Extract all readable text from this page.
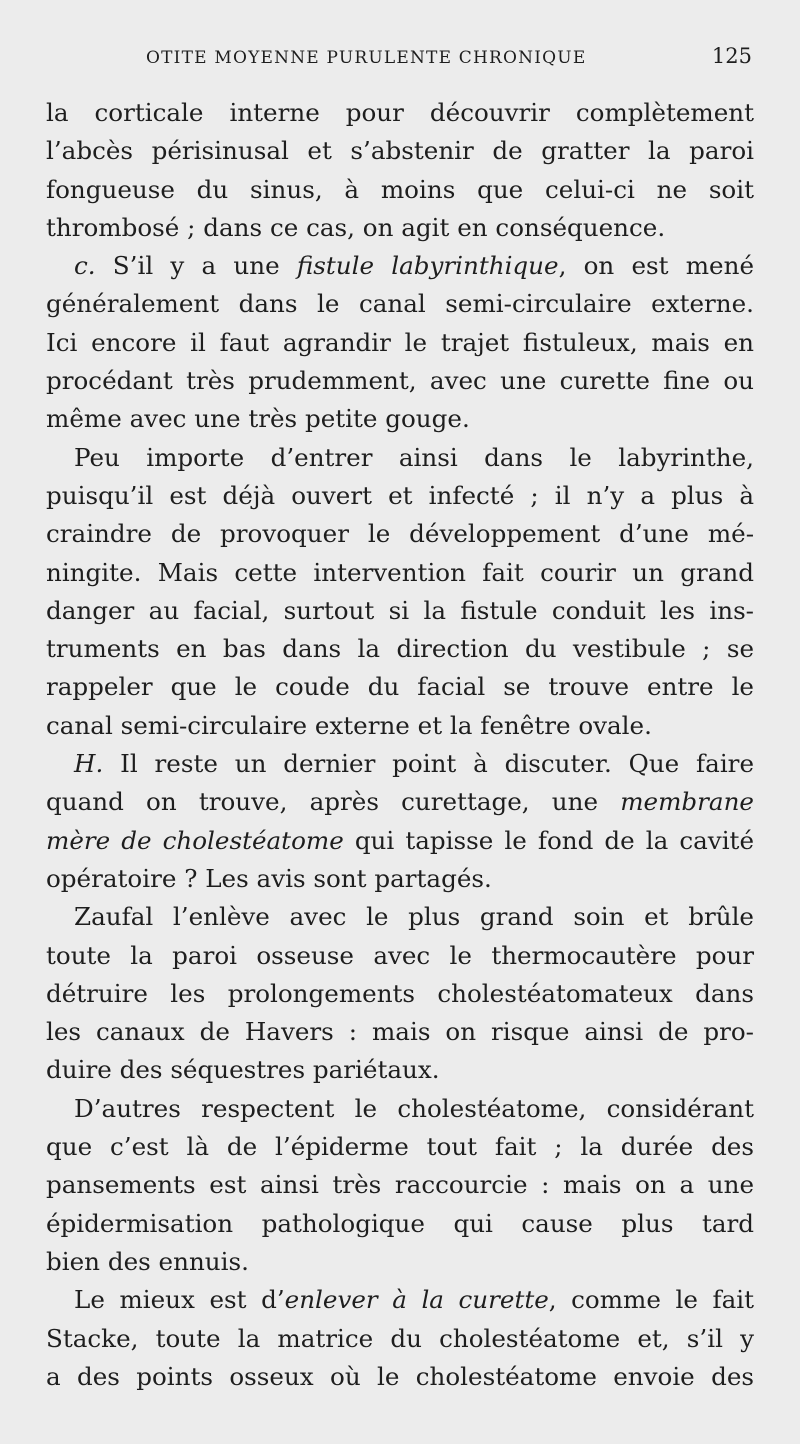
OTITE MOYENNE PURULENTE CHRONIQUE	125
la corticale interne pour découvrir complètement
l’abcès périsinusal et s’abstenir de gratter la paroi
fongueuse du sinus, à moins que celui-ci ne soit
thrombosé ; dans ce cas, on agit en conséquence.
c. S’il y a une fistule labyrinthique, on est mené
généralement dans le canal semi-circulaire externe.
Ici encore il faut agrandir le trajet fistuleux, mais en
procédant très prudemment, avec une curette fine ou
même avec une très petite gouge.
Peu importe d’entrer ainsi dans le labyrinthe,
puisqu’il est déjà ouvert et infecté ; il n’y a plus à
craindre de provoquer le développement d’une mé-
ningite. Mais cette intervention fait courir un grand
danger au facial, surtout si la fistule conduit les ins-
truments en bas dans la direction du vestibule ; se
rappeler que le coude du facial se trouve entre le
canal semi-circulaire externe et la fenêtre ovale.
H. Il reste un dernier point à discuter. Que faire
quand on trouve, après curettage, une membrane
mère de cholestéatome qui tapisse le fond de la cavité
opératoire ? Les avis sont partagés.
Zaufal l’enlève avec le plus grand soin et brûle
toute la paroi osseuse avec le thermocautère pour
détruire les prolongements cholestéatomateux dans
les canaux de Havers : mais on risque ainsi de pro-
duire des séquestres pariétaux.
D’autres respectent le cholestéatome, considérant
que c’est là de l’épiderme tout fait ; la durée des
pansements est ainsi très raccourcie : mais on a une
épidermisation pathologique qui cause plus tard
bien des ennuis.
Le mieux est d’enlever à la curette, comme le fait
Stacke, toute la matrice du cholestéatome et, s’il y
a des points osseux où le cholestéatome envoie des
